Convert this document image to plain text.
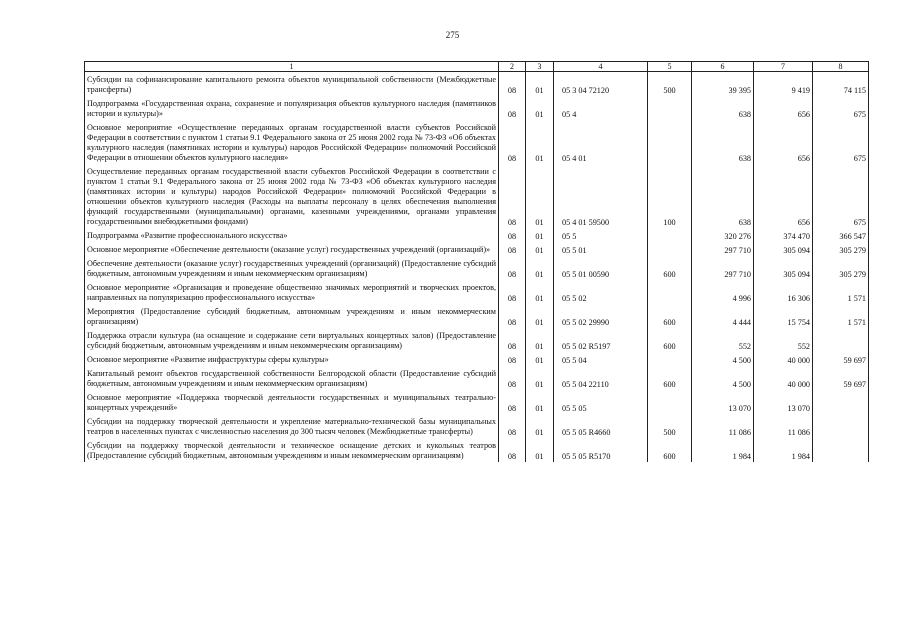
275
1	2	3	4	5	6	7	8
Субсидии на софинансирование капитального ремонта объектов муниципальной собственности (Межбюджетные трансферты)	08	01	05 3 04 72120	500	39 395	9 419	74 115
Подпрограмма «Государственная охрана, сохранение и популяризация объектов культурного наследия (памятников истории и культуры)»	08	01	05 4		638	656	675
Основное мероприятие «Осуществление переданных органам государственной власти субъектов Российской Федерации в соответствии с пунктом 1 статьи 9.1 Федерального закона от 25 июня 2002 года № 73-ФЗ «Об объектах культурного наследия (памятниках истории и культуры) народов Российской Федерации» полномочий Российской Федерации в отношении объектов культурного наследия»	08	01	05 4 01		638	656	675
Осуществление переданных органам государственной власти субъектов Российской Федерации в соответствии с пунктом 1 статьи 9.1 Федерального закона от 25 июня 2002 года № 73-ФЗ «Об объектах культурного наследия (памятниках истории и культуры) народов Российской Федерации» полномочий Российской Федерации в отношении объектов культурного наследия (Расходы на выплаты персоналу в целях обеспечения выполнения функций государственными (муниципальными) органами, казенными учреждениями, органами управления государственными внебюджетными фондами)	08	01	05 4 01 59500	100	638	656	675
Подпрограмма «Развитие профессионального искусства»	08	01	05 5		320 276	374 470	366 547
Основное мероприятие «Обеспечение деятельности (оказание услуг) государственных учреждений (организаций)»	08	01	05 5 01		297 710	305 094	305 279
Обеспечение деятельности (оказание услуг) государственных учреждений (организаций) (Предоставление субсидий бюджетным, автономным учреждениям и иным некоммерческим организациям)	08	01	05 5 01 00590	600	297 710	305 094	305 279
Основное мероприятие «Организация и проведение общественно значимых мероприятий и творческих проектов, направленных на популяризацию профессионального искусства»	08	01	05 5 02		4 996	16 306	1 571
Мероприятия (Предоставление субсидий бюджетным, автономным учреждениям и иным некоммерческим организациям)	08	01	05 5 02 29990	600	4 444	15 754	1 571
Поддержка отрасли культура (на оснащение и содержание сети виртуальных концертных залов) (Предоставление субсидий бюджетным, автономным учреждениям и иным некоммерческим организациям)	08	01	05 5 02 R5197	600	552	552	
Основное мероприятие «Развитие инфраструктуры сферы культуры»	08	01	05 5 04		4 500	40 000	59 697
Капитальный ремонт объектов государственной собственности Белгородской области (Предоставление субсидий бюджетным, автономным учреждениям и иным некоммерческим организациям)	08	01	05 5 04 22110	600	4 500	40 000	59 697
Основное мероприятие «Поддержка творческой деятельности государственных и муниципальных театрально-концертных учреждений»	08	01	05 5 05		13 070	13 070	
Субсидии на поддержку творческой деятельности и укрепление материально-технической базы муниципальных театров в населенных пунктах с численностью населения до 300 тысяч человек (Межбюджетные трансферты)	08	01	05 5 05 R4660	500	11 086	11 086	
Субсидии на поддержку творческой деятельности и техническое оснащение детских и кукольных театров (Предоставление субсидий бюджетным, автономным учреждениям и иным некоммерческим организациям)	08	01	05 5 05 R5170	600	1 984	1 984	
